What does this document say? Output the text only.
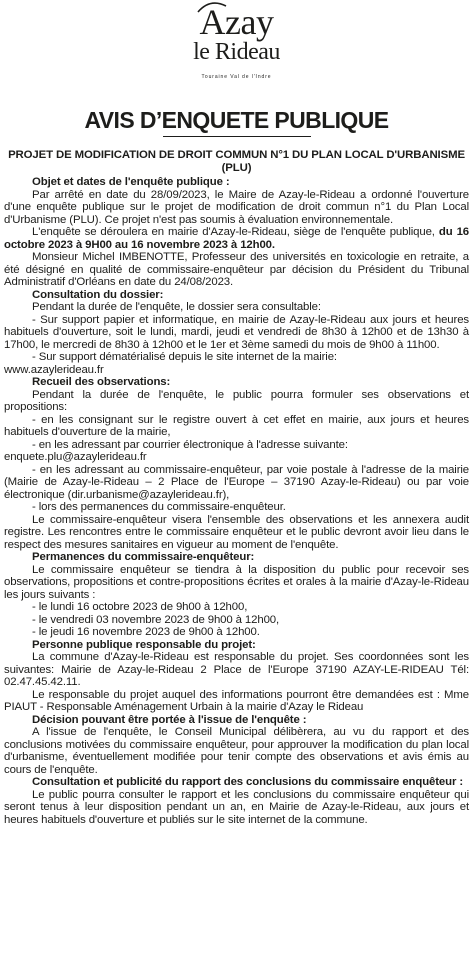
Azay
le Rideau
Touraine Val de l'Indre
AVIS D’ENQUETE PUBLIQUE
PROJET DE MODIFICATION DE DROIT COMMUN N°1 DU PLAN LOCAL D'URBANISME (PLU)

Objet et dates de l'enquête publique :

Par arrêté en date du 28/09/2023, le Maire de Azay-le-Rideau a ordonné l'ouverture d'une enquête publique sur le projet de modification de droit commun n°1 du Plan Local d'Urbanisme (PLU). Ce projet n'est pas soumis à évaluation environnementale.

L'enquête se déroulera en mairie d'Azay-le-Rideau, siège de l'enquête publique, du 16 octobre 2023 à 9H00 au 16 novembre 2023 à 12h00.

Monsieur Michel IMBENOTTE, Professeur des universités en toxicologie en retraite, a été désigné en qualité de commissaire-enquêteur par décision du Président du Tribunal Administratif d'Orléans en date du 24/08/2023.

Consultation du dossier:

Pendant la durée de l'enquête, le dossier sera consultable:

- Sur support papier et informatique, en mairie de Azay-le-Rideau aux jours et heures habituels d'ouverture, soit le lundi, mardi, jeudi et vendredi de 8h30 à 12h00 et de 13h30 à 17h00, le mercredi de 8h30 à 12h00 et le 1er et 3ème samedi du mois de 9h00 à 11h00.

- Sur support dématérialisé depuis le site internet de la mairie:

www.azaylerideau.fr

Recueil des observations:

Pendant la durée de l'enquête, le public pourra formuler ses observations et propositions:

- en les consignant sur le registre ouvert à cet effet en mairie, aux jours et heures habituels d'ouverture de la mairie,

- en les adressant par courrier électronique à l'adresse suivante:

enquete.plu@azaylerideau.fr

- en les adressant au commissaire-enquêteur, par voie postale à l'adresse de la mairie (Mairie de Azay-le-Rideau – 2 Place de l'Europe – 37190 Azay-le-Rideau) ou par voie électronique (dir.urbanisme@azaylerideau.fr),

- lors des permanences du commissaire-enquêteur.

Le commissaire-enquêteur visera l'ensemble des observations et les annexera audit registre. Les rencontres entre le commissaire enquêteur et le public devront avoir lieu dans le respect des mesures sanitaires en vigueur au moment de l'enquête.

Permanences du commissaire-enquêteur:

Le commissaire enquêteur se tiendra à la disposition du public pour recevoir ses observations, propositions et contre-propositions écrites et orales à la mairie d'Azay-le-Rideau les jours suivants :

- le lundi 16 octobre 2023 de 9h00 à 12h00,

- le vendredi 03 novembre 2023 de 9h00 à 12h00,

- le jeudi 16 novembre 2023 de 9h00 à 12h00.

Personne publique responsable du projet:

La commune d'Azay-le-Rideau est responsable du projet. Ses coordonnées sont les suivantes: Mairie de Azay-le-Rideau 2 Place de l'Europe 37190 AZAY-LE-RIDEAU Tél: 02.47.45.42.11.

Le responsable du projet auquel des informations pourront être demandées est : Mme PIAUT - Responsable Aménagement Urbain à la mairie d'Azay le Rideau

Décision pouvant être portée à l'issue de l'enquête :

A l'issue de l'enquête, le Conseil Municipal délibèrera, au vu du rapport et des conclusions motivées du commissaire enquêteur, pour approuver la modification du plan local d'urbanisme, éventuellement modifiée pour tenir compte des observations et avis émis au cours de l'enquête.

Consultation et publicité du rapport des conclusions du commissaire enquêteur :

Le public pourra consulter le rapport et les conclusions du commissaire enquêteur qui seront tenus à leur disposition pendant un an, en Mairie de Azay-le-Rideau, aux jours et heures habituels d'ouverture et publiés sur le site internet de la commune.
